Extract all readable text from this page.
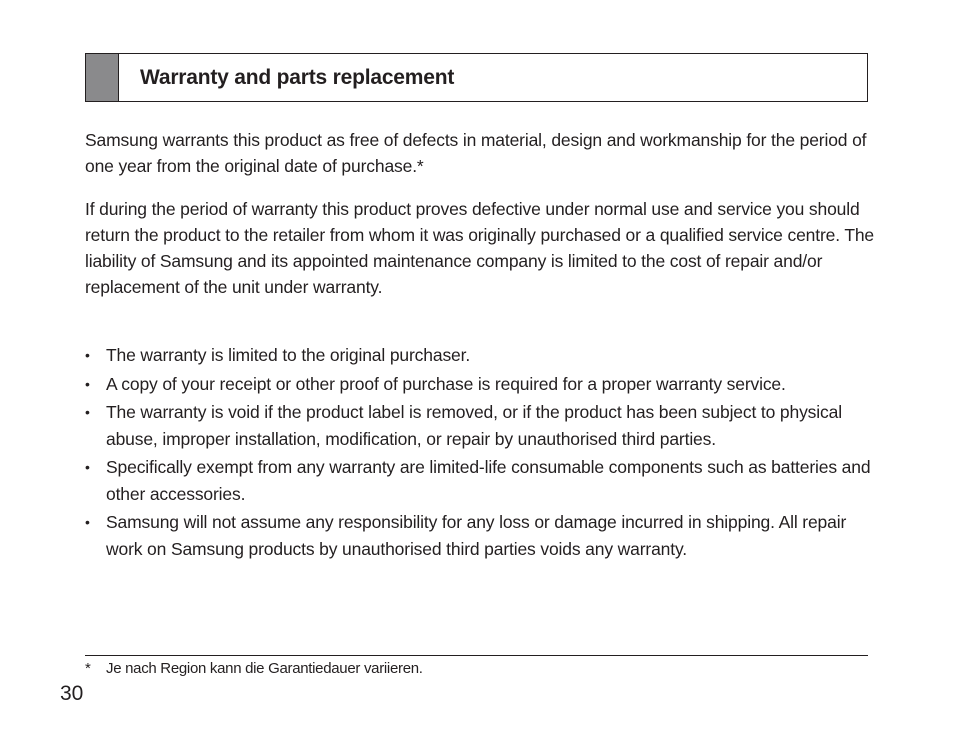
Warranty and parts replacement

Samsung warrants this product as free of defects in material, design and workmanship for the period of one year from the original date of purchase.*

If during the period of warranty this product proves defective under normal use and service you should return the product to the retailer from whom it was originally purchased or a qualified service centre. The liability of Samsung and its appointed maintenance company is limited to the cost of repair and/or replacement of the unit under warranty.

• The warranty is limited to the original purchaser.
• A copy of your receipt or other proof of purchase is required for a proper warranty service.
• The warranty is void if the product label is removed, or if the product has been subject to physical abuse, improper installation, modification, or repair by unauthorised third parties.
• Specifically exempt from any warranty are limited-life consumable components such as batteries and other accessories.
• Samsung will not assume any responsibility for any loss or damage incurred in shipping. All repair work on Samsung products by unauthorised third parties voids any warranty.
* Je nach Region kann die Garantiedauer variieren.
30
